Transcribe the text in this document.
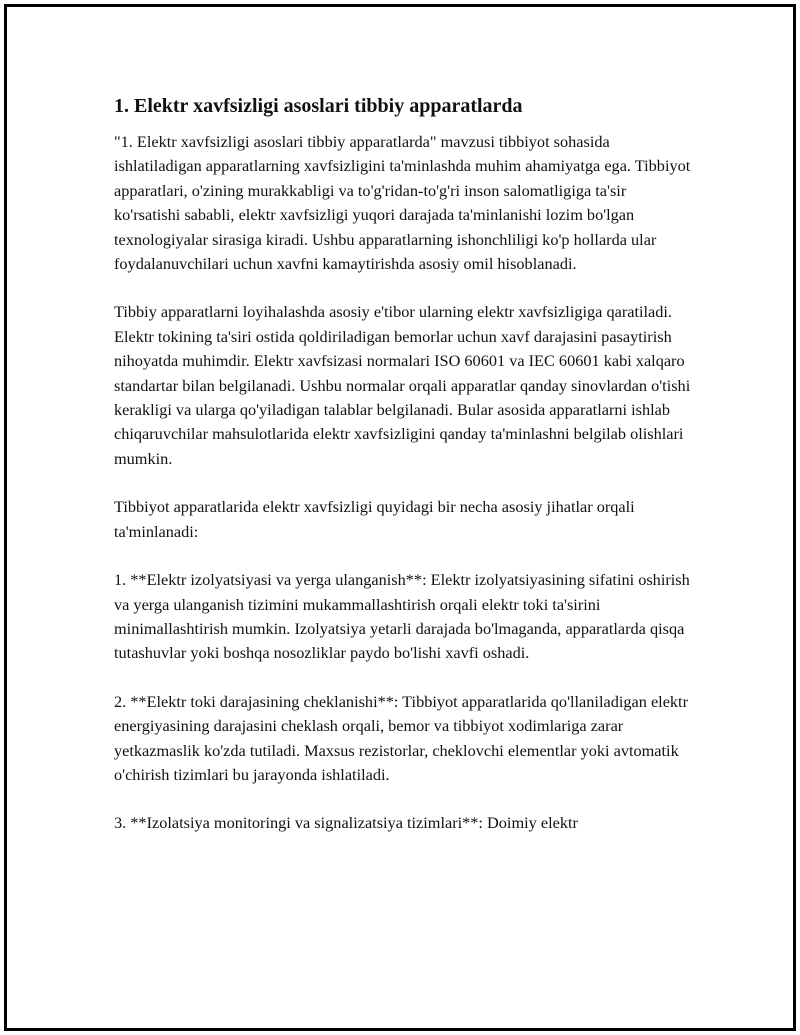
1. Elektr xavfsizligi asoslari tibbiy apparatlarda

"1. Elektr xavfsizligi asoslari tibbiy apparatlarda" mavzusi tibbiyot sohasida ishlatiladigan apparatlarning xavfsizligini ta'minlashda muhim ahamiyatga ega. Tibbiyot apparatlari, o'zining murakkabligi va to'g'ridan-to'g'ri inson salomatligiga ta'sir ko'rsatishi sababli, elektr xavfsizligi yuqori darajada ta'minlanishi lozim bo'lgan texnologiyalar sirasiga kiradi. Ushbu apparatlarning ishonchliligi ko'p hollarda ular foydalanuvchilari uchun xavfni kamaytirishda asosiy omil hisoblanadi.

Tibbiy apparatlarni loyihalashda asosiy e'tibor ularning elektr xavfsizligiga qaratiladi. Elektr tokining ta'siri ostida qoldiriladigan bemorlar uchun xavf darajasini pasaytirish nihoyatda muhimdir. Elektr xavfsizasi normalari ISO 60601 va IEC 60601 kabi xalqaro standartar bilan belgilanadi. Ushbu normalar orqali apparatlar qanday sinovlardan o'tishi kerakligi va ularga qo'yiladigan talablar belgilanadi. Bular asosida apparatlarni ishlab chiqaruvchilar mahsulotlarida elektr xavfsizligini qanday ta'minlashni belgilab olishlari mumkin.

Tibbiyot apparatlarida elektr xavfsizligi quyidagi bir necha asosiy jihatlar orqali ta'minlanadi:

1. **Elektr izolyatsiyasi va yerga ulanganish**: Elektr izolyatsiyasining sifatini oshirish va yerga ulanganish tizimini mukammallashtirish orqali elektr toki ta'sirini minimallashtirish mumkin. Izolyatsiya yetarli darajada bo'lmaganda, apparatlarda qisqa tutashuvlar yoki boshqa nosozliklar paydo bo'lishi xavfi oshadi.

2. **Elektr toki darajasining cheklanishi**: Tibbiyot apparatlarida qo'llaniladigan elektr energiyasining darajasini cheklash orqali, bemor va tibbiyot xodimlariga zarar yetkazmaslik ko'zda tutiladi. Maxsus rezistorlar, cheklovchi elementlar yoki avtomatik o'chirish tizimlari bu jarayonda ishlatiladi.

3. **Izolatsiya monitoringi va signalizatsiya tizimlari**: Doimiy elektr
